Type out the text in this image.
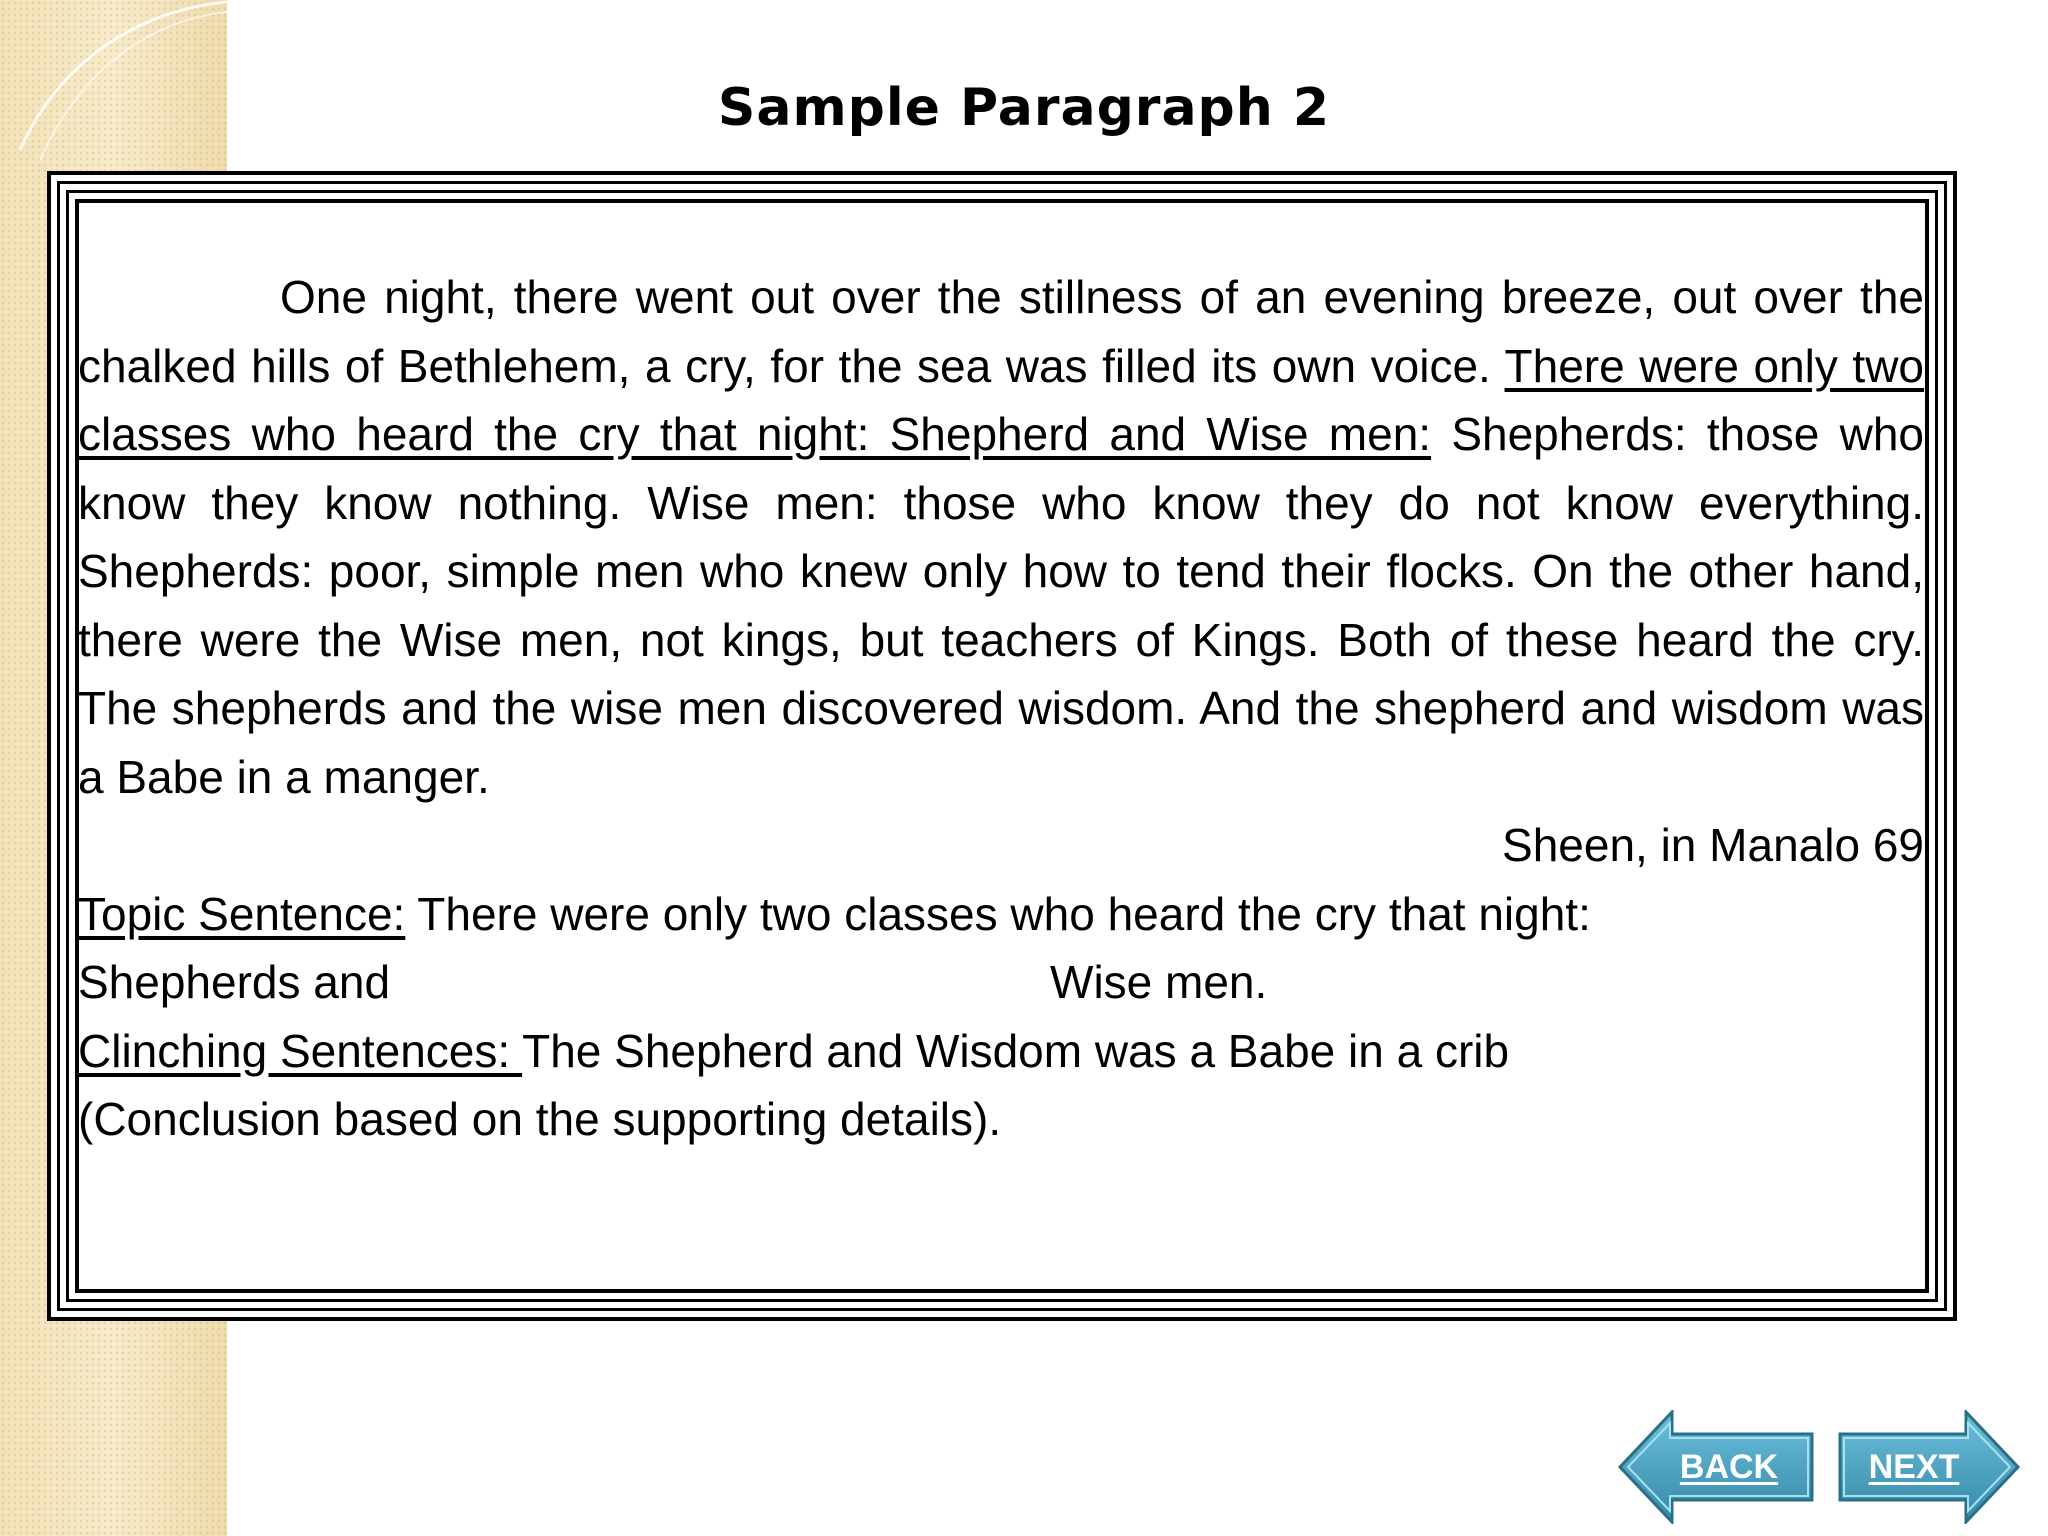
Sample Paragraph 2

One night, there went out over the stillness of an evening breeze, out over the chalked hills of Bethlehem, a cry, for the sea was filled its own voice. There were only two classes who heard the cry that night: Shepherd and Wise men: Shepherds: those who know they know nothing. Wise men: those who know they do not know everything. Shepherds: poor, simple men who knew only how to tend their flocks. On the other hand, there were the Wise men, not kings, but teachers of Kings. Both of these heard the cry. The shepherds and the wise men discovered wisdom. And the shepherd and wisdom was a Babe in a manger.

Sheen, in Manalo 69

Topic Sentence: There were only two classes who heard the cry that night:

Shepherds and	Wise men.

Clinching Sentences: The Shepherd and Wisdom was a Babe in a crib

(Conclusion based on the supporting details).

BACK	NEXT
